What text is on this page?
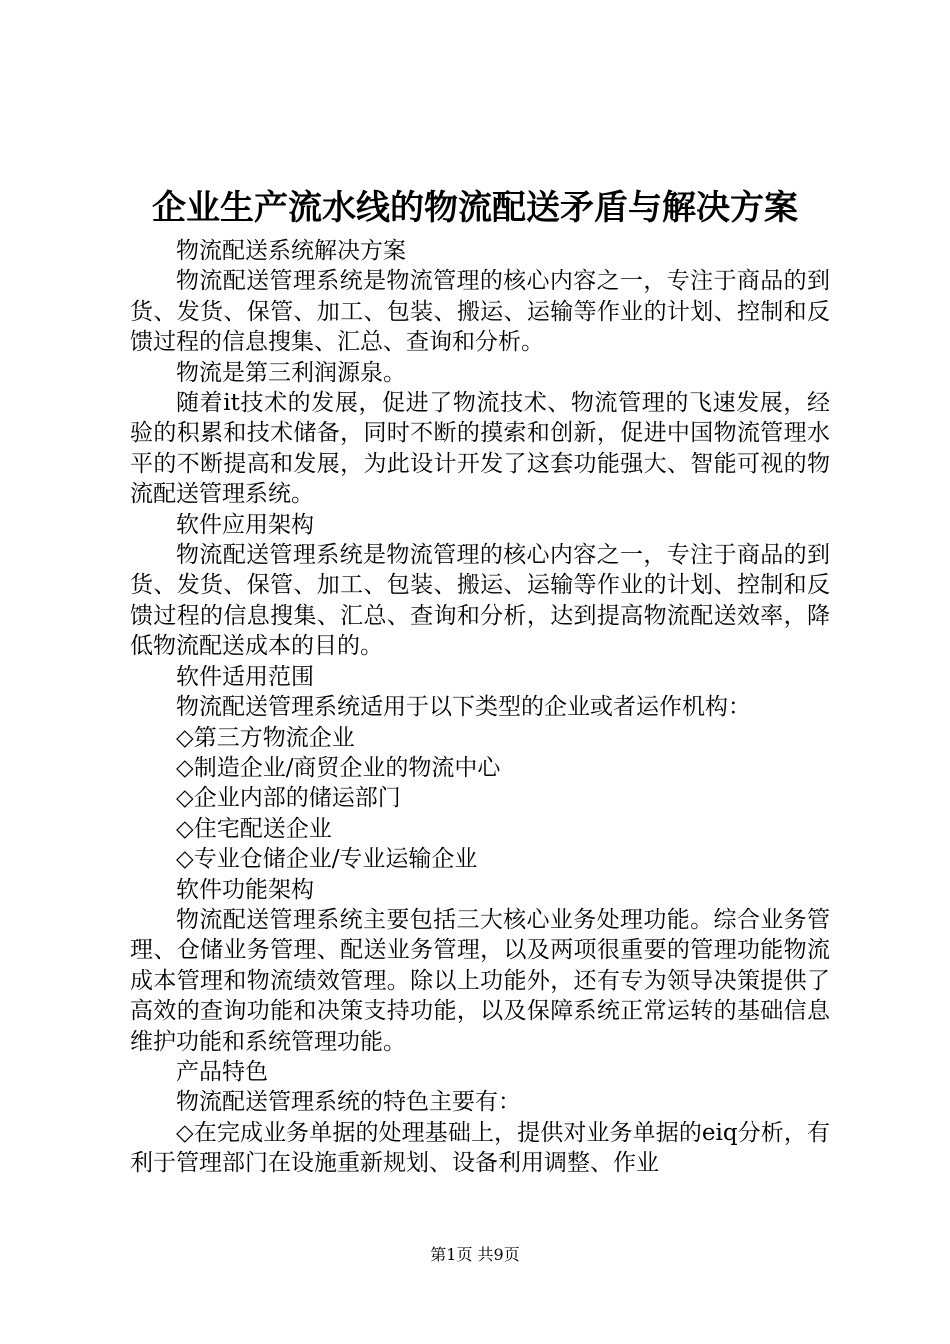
企业生产流水线的物流配送矛盾与解决方案

物流配送系统解决方案

物流配送管理系统是物流管理的核心内容之一，专注于商品的到货、发货、保管、加工、包装、搬运、运输等作业的计划、控制和反馈过程的信息搜集、汇总、查询和分析。

物流是第三利润源泉。

随着it技术的发展，促进了物流技术、物流管理的飞速发展，经验的积累和技术储备，同时不断的摸索和创新，促进中国物流管理水平的不断提高和发展，为此设计开发了这套功能强大、智能可视的物流配送管理系统。

软件应用架构

物流配送管理系统是物流管理的核心内容之一，专注于商品的到货、发货、保管、加工、包装、搬运、运输等作业的计划、控制和反馈过程的信息搜集、汇总、查询和分析，达到提高物流配送效率，降低物流配送成本的目的。

软件适用范围

物流配送管理系统适用于以下类型的企业或者运作机构：

◇第三方物流企业

◇制造企业/商贸企业的物流中心

◇企业内部的储运部门

◇住宅配送企业

◇专业仓储企业/专业运输企业

软件功能架构

物流配送管理系统主要包括三大核心业务处理功能。综合业务管理、仓储业务管理、配送业务管理，以及两项很重要的管理功能物流成本管理和物流绩效管理。除以上功能外，还有专为领导决策提供了高效的查询功能和决策支持功能，以及保障系统正常运转的基础信息维护功能和系统管理功能。

产品特色

物流配送管理系统的特色主要有：

◇在完成业务单据的处理基础上，提供对业务单据的eiq分析，有利于管理部门在设施重新规划、设备利用调整、作业

第1页 共9页
